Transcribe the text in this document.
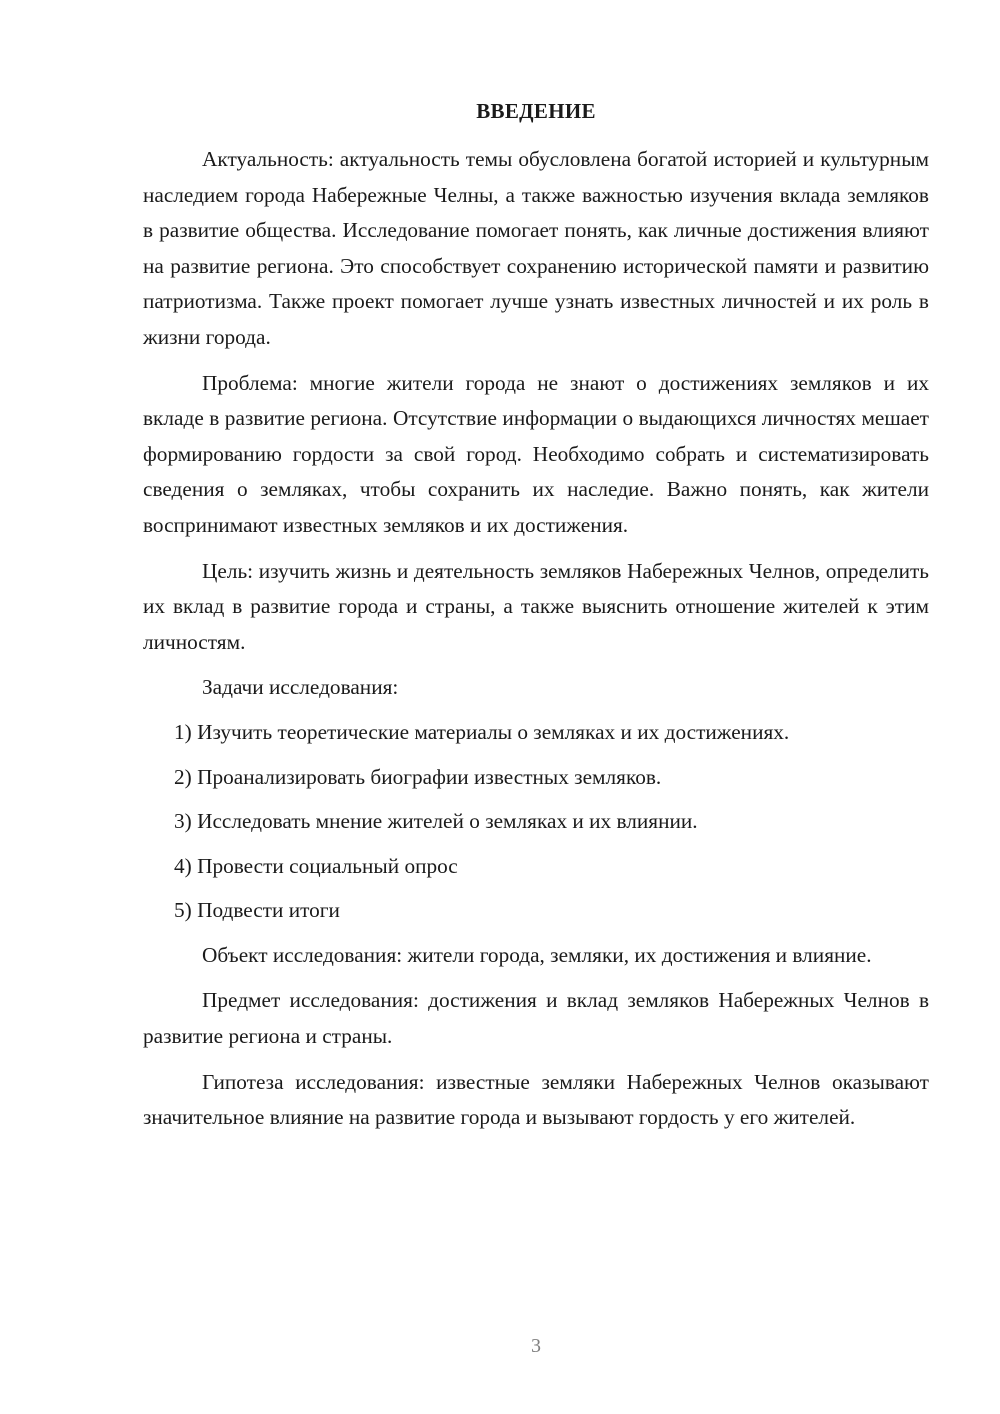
ВВЕДЕНИЕ

Актуальность: актуальность темы обусловлена богатой историей и культурным наследием города Набережные Челны, а также важностью изучения вклада земляков в развитие общества. Исследование помогает понять, как личные достижения влияют на развитие региона. Это способствует сохранению исторической памяти и развитию патриотизма. Также проект помогает лучше узнать известных личностей и их роль в жизни города.

Проблема: многие жители города не знают о достижениях земляков и их вкладе в развитие региона. Отсутствие информации о выдающихся личностях мешает формированию гордости за свой город. Необходимо собрать и систематизировать сведения о земляках, чтобы сохранить их наследие. Важно понять, как жители воспринимают известных земляков и их достижения.

Цель: изучить жизнь и деятельность земляков Набережных Челнов, определить их вклад в развитие города и страны, а также выяснить отношение жителей к этим личностям.

Задачи исследования:

1) Изучить теоретические материалы о земляках и их достижениях.

2) Проанализировать биографии известных земляков.

3) Исследовать мнение жителей о земляках и их влиянии.

4) Провести социальный опрос

5) Подвести итоги

Объект исследования: жители города, земляки, их достижения и влияние.

Предмет исследования: достижения и вклад земляков Набережных Челнов в развитие региона и страны.

Гипотеза исследования: известные земляки Набережных Челнов оказывают значительное влияние на развитие города и вызывают гордость у его жителей.

3
